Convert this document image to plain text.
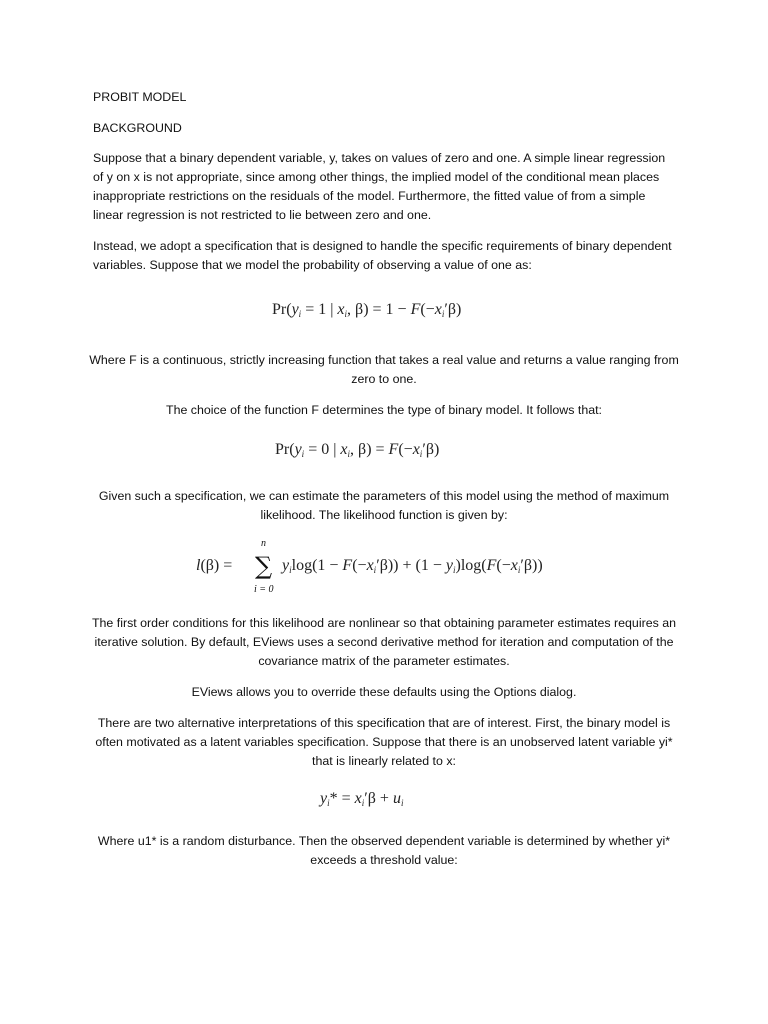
PROBIT MODEL
BACKGROUND
Suppose that a binary dependent variable, y, takes on values of zero and one. A simple linear regression of y on x is not appropriate, since among other things, the implied model of the conditional mean places inappropriate restrictions on the residuals of the model. Furthermore, the fitted value of from a simple linear regression is not restricted to lie between zero and one.
Instead, we adopt a specification that is designed to handle the specific requirements of binary dependent variables. Suppose that we model the probability of observing a value of one as:
$Pr(y_i = 1$ | $x_i$, $\beta) = 1 - F(-x_i'\beta)$
Where F is a continuous, strictly increasing function that takes a real value and returns a value ranging from zero to one.
The choice of the function F determines the type of binary model. It follows that:
$Pr(y_i = 0$ | $x_i$, $\beta) = F(-x_i'\beta)$
Given such a specification, we can estimate the parameters of this model using the method of maximum likelihood. The likelihood function is given by:
l(β) =
n
∑
i = 0
$y_i\log(1 - F(-x_i'\beta)) + (1 - y_i)\log(F(-x_i'\beta))$
The first order conditions for this likelihood are nonlinear so that obtaining parameter estimates requires an iterative solution. By default, EViews uses a second derivative method for iteration and computation of the covariance matrix of the parameter estimates.
EViews allows you to override these defaults using the Options dialog.
There are two alternative interpretations of this specification that are of interest. First, the binary model is often motivated as a latent variables specification. Suppose that there is an unobserved latent variable yi* that is linearly related to x:
$y_i* = x_i'\beta + u_i$
Where u1* is a random disturbance. Then the observed dependent variable is determined by whether yi* exceeds a threshold value:
